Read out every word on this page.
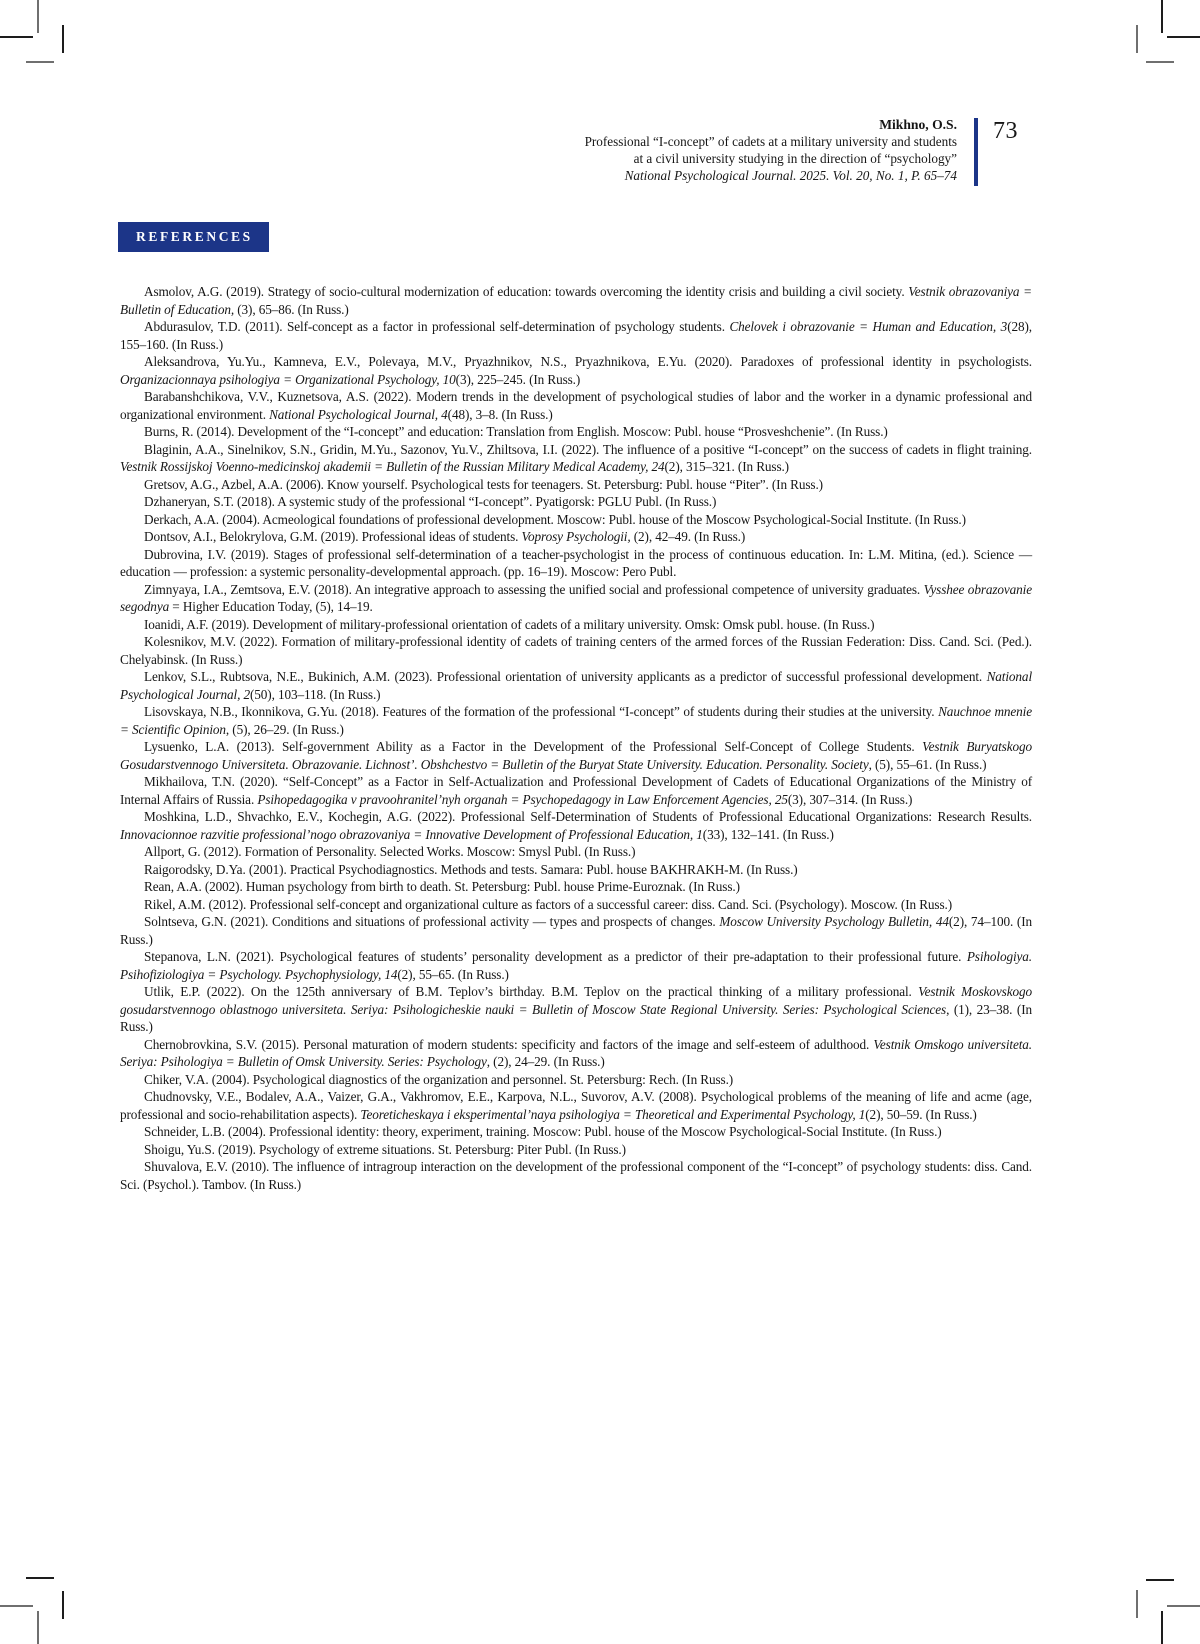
Mikhno, O.S.
Professional “I-concept” of cadets at a military university and students
at a civil university studying in the direction of “psychology”
National Psychological Journal. 2025. Vol. 20, No. 1, P. 65–74
73
REFERENCES

Asmolov, A.G. (2019). Strategy of socio-cultural modernization of education: towards overcoming the identity crisis and building a civil society. Vestnik obrazovaniya = Bulletin of Education, (3), 65–86. (In Russ.)

Abdurasulov, T.D. (2011). Self-concept as a factor in professional self-determination of psychology students. Chelovek i obrazovanie = Human and Education, 3(28), 155–160. (In Russ.)

Aleksandrova, Yu.Yu., Kamneva, E.V., Polevaya, M.V., Pryazhnikov, N.S., Pryazhnikova, E.Yu. (2020). Paradoxes of professional identity in psychologists. Organizacionnaya psihologiya = Organizational Psychology, 10(3), 225–245. (In Russ.)

Barabanshchikova, V.V., Kuznetsova, A.S. (2022). Modern trends in the development of psychological studies of labor and the worker in a dynamic professional and organizational environment. National Psychological Journal, 4(48), 3–8. (In Russ.)

Burns, R. (2014). Development of the “I-concept” and education: Translation from English. Moscow: Publ. house “Prosveshchenie”. (In Russ.)

Blaginin, A.A., Sinelnikov, S.N., Gridin, M.Yu., Sazonov, Yu.V., Zhiltsova, I.I. (2022). The influence of a positive “I-concept” on the success of cadets in flight training. Vestnik Rossijskoj Voenno-medicinskoj akademii = Bulletin of the Russian Military Medical Academy, 24(2), 315–321. (In Russ.)

Gretsov, A.G., Azbel, A.A. (2006). Know yourself. Psychological tests for teenagers. St. Petersburg: Publ. house “Piter”. (In Russ.)

Dzhaneryan, S.T. (2018). A systemic study of the professional “I-concept”. Pyatigorsk: PGLU Publ. (In Russ.)

Derkach, A.A. (2004). Acmeological foundations of professional development. Moscow: Publ. house of the Moscow Psychological-Social Institute. (In Russ.)

Dontsov, A.I., Belokrylova, G.M. (2019). Professional ideas of students. Voprosy Psychologii, (2), 42–49. (In Russ.)

Dubrovina, I.V. (2019). Stages of professional self-determination of a teacher-psychologist in the process of continuous education. In: L.M. Mitina, (ed.). Science — education — profession: a systemic personality-developmental approach. (pp. 16–19). Moscow: Pero Publ.

Zimnyaya, I.A., Zemtsova, E.V. (2018). An integrative approach to assessing the unified social and professional competence of university graduates. Vysshee obrazovanie segodnya = Higher Education Today, (5), 14–19.

Ioanidi, A.F. (2019). Development of military-professional orientation of cadets of a military university. Omsk: Omsk publ. house. (In Russ.)

Kolesnikov, M.V. (2022). Formation of military-professional identity of cadets of training centers of the armed forces of the Russian Federation: Diss. Cand. Sci. (Ped.). Chelyabinsk. (In Russ.)

Lenkov, S.L., Rubtsova, N.E., Bukinich, A.M. (2023). Professional orientation of university applicants as a predictor of successful professional development. National Psychological Journal, 2(50), 103–118. (In Russ.)

Lisovskaya, N.B., Ikonnikova, G.Yu. (2018). Features of the formation of the professional “I-concept” of students during their studies at the university. Nauchnoe mnenie = Scientific Opinion, (5), 26–29. (In Russ.)

Lysuenko, L.A. (2013). Self-government Ability as a Factor in the Development of the Professional Self-Concept of College Students. Vestnik Buryatskogo Gosudarstvennogo Universiteta. Obrazovanie. Lichnost’. Obshchestvo = Bulletin of the Buryat State University. Education. Personality. Society, (5), 55–61. (In Russ.)

Mikhailova, T.N. (2020). “Self-Concept” as a Factor in Self-Actualization and Professional Development of Cadets of Educational Organizations of the Ministry of Internal Affairs of Russia. Psihopedagogika v pravoohranitel’nyh organah = Psychopedagogy in Law Enforcement Agencies, 25(3), 307–314. (In Russ.)

Moshkina, L.D., Shvachko, E.V., Kochegin, A.G. (2022). Professional Self-Determination of Students of Professional Educational Organizations: Research Results. Innovacionnoe razvitie professional’nogo obrazovaniya = Innovative Development of Professional Education, 1(33), 132–141. (In Russ.)

Allport, G. (2012). Formation of Personality. Selected Works. Moscow: Smysl Publ. (In Russ.)

Raigorodsky, D.Ya. (2001). Practical Psychodiagnostics. Methods and tests. Samara: Publ. house BAKHRAKH-M. (In Russ.)

Rean, A.A. (2002). Human psychology from birth to death. St. Petersburg: Publ. house Prime-Euroznak. (In Russ.)

Rikel, A.M. (2012). Professional self-concept and organizational culture as factors of a successful career: diss. Cand. Sci. (Psychology). Moscow. (In Russ.)

Solntseva, G.N. (2021). Conditions and situations of professional activity — types and prospects of changes. Moscow University Psychology Bulletin, 44(2), 74–100. (In Russ.)

Stepanova, L.N. (2021). Psychological features of students’ personality development as a predictor of their pre-adaptation to their professional future. Psihologiya. Psihofiziologiya = Psychology. Psychophysiology, 14(2), 55–65. (In Russ.)

Utlik, E.P. (2022). On the 125th anniversary of B.M. Teplov’s birthday. B.M. Teplov on the practical thinking of a military professional. Vestnik Moskovskogo gosudarstvennogo oblastnogo universiteta. Seriya: Psihologicheskie nauki = Bulletin of Moscow State Regional University. Series: Psychological Sciences, (1), 23–38. (In Russ.)

Chernobrovkina, S.V. (2015). Personal maturation of modern students: specificity and factors of the image and self-esteem of adulthood. Vestnik Omskogo universiteta. Seriya: Psihologiya = Bulletin of Omsk University. Series: Psychology, (2), 24–29. (In Russ.)

Chiker, V.A. (2004). Psychological diagnostics of the organization and personnel. St. Petersburg: Rech. (In Russ.)

Chudnovsky, V.E., Bodalev, A.A., Vaizer, G.A., Vakhromov, E.E., Karpova, N.L., Suvorov, A.V. (2008). Psychological problems of the meaning of life and acme (age, professional and socio-rehabilitation aspects). Teoreticheskaya i eksperimental’naya psihologiya = Theoretical and Experimental Psychology, 1(2), 50–59. (In Russ.)

Schneider, L.B. (2004). Professional identity: theory, experiment, training. Moscow: Publ. house of the Moscow Psychological-Social Institute. (In Russ.)

Shoigu, Yu.S. (2019). Psychology of extreme situations. St. Petersburg: Piter Publ. (In Russ.)

Shuvalova, E.V. (2010). The influence of intragroup interaction on the development of the professional component of the “I-concept” of psychology students: diss. Cand. Sci. (Psychol.). Tambov. (In Russ.)
